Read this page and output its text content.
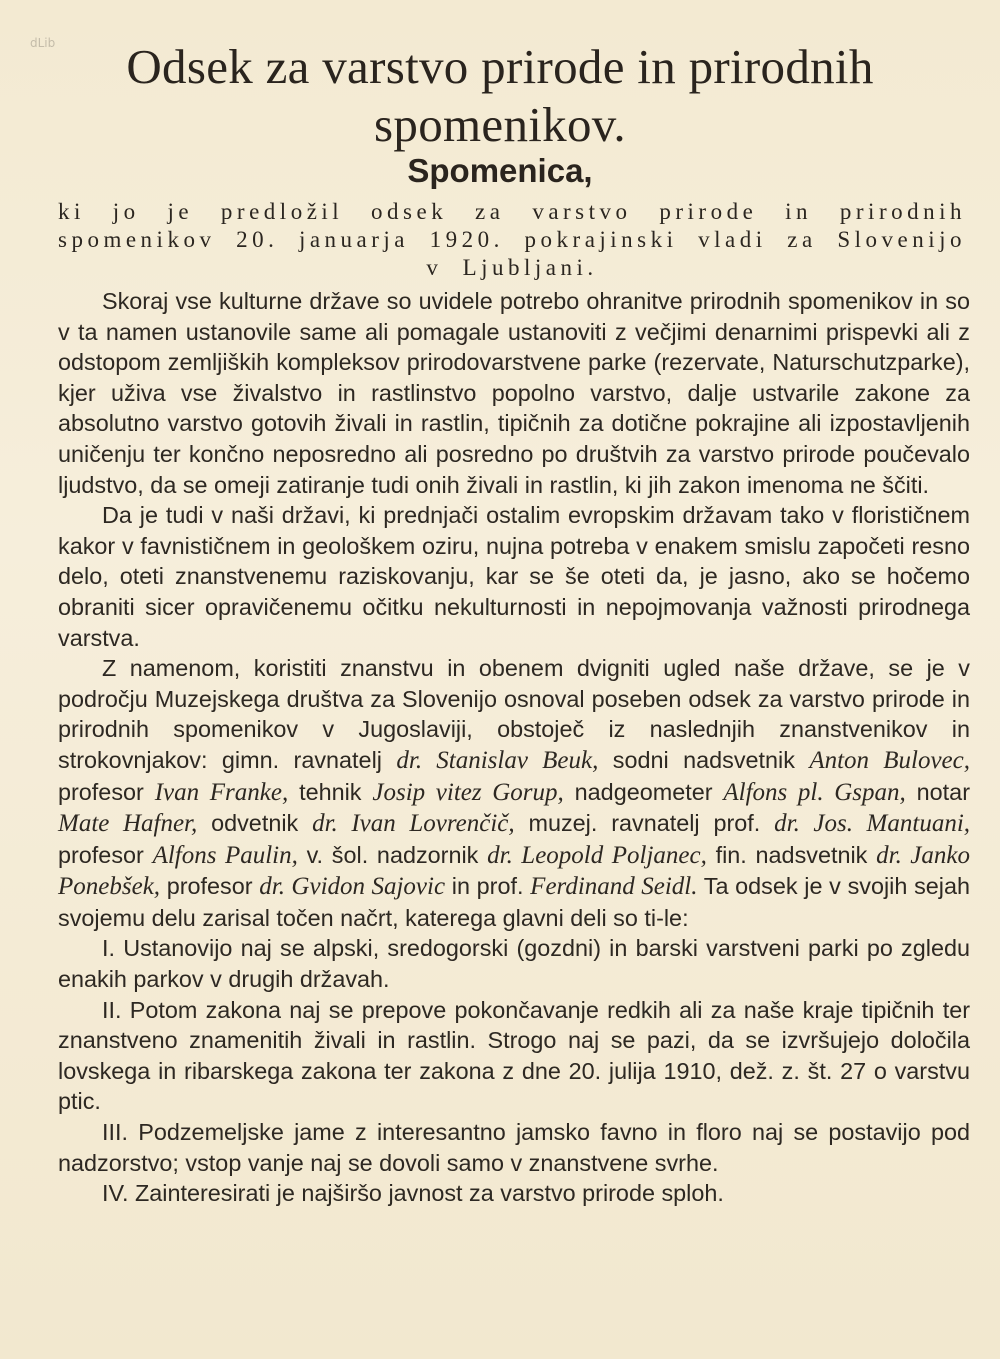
dLib	Odsek za varstvo prirode in prirodnih spomenikov.
Spomenica,
ki jo je predložil odsek za varstvo prirode in prirodnih spomenikov 20. januarja 1920. pokrajinski vladi za Slovenijo v Ljubljani.

Skoraj vse kulturne države so uvidele potrebo ohranitve prirodnih spomenikov in so v ta namen ustanovile same ali pomagale ustanoviti z večjimi denarnimi prispevki ali z odstopom zemljiških kompleksov prirodovarstvene parke (rezervate, Naturschutzparke), kjer uživa vse živalstvo in rastlinstvo popolno varstvo, dalje ustvarile zakone za absolutno varstvo gotovih živali in rastlin, tipičnih za dotične pokrajine ali izpostavljenih uničenju ter končno neposredno ali posredno po društvih za varstvo prirode poučevalo ljudstvo, da se omeji zatiranje tudi onih živali in rastlin, ki jih zakon imenoma ne ščiti.

Da je tudi v naši državi, ki prednjači ostalim evropskim državam tako v florističnem kakor v favnističnem in geološkem oziru, nujna potreba v enakem smislu započeti resno delo, oteti znanstvenemu raziskovanju, kar se še oteti da, je jasno, ako se hočemo obraniti sicer opravičenemu očitku nekulturnosti in nepojmovanja važnosti prirodnega varstva.

Z namenom, koristiti znanstvu in obenem dvigniti ugled naše države, se je v področju Muzejskega društva za Slovenijo osnoval poseben odsek za varstvo prirode in prirodnih spomenikov v Jugoslaviji, obstoječ iz naslednjih znanstvenikov in strokovnjakov: gimn. ravnatelj dr. Stanislav Beuk, sodni nadsvetnik Anton Bulovec, profesor Ivan Franke, tehnik Josip vitez Gorup, nadgeometer Alfons pl. Gspan, notar Mate Hafner, odvetnik dr. Ivan Lovrenčič, muzej. ravnatelj prof. dr. Jos. Mantuani, profesor Alfons Paulin, v. šol. nadzornik dr. Leopold Poljanec, fin. nadsvetnik dr. Janko Ponebšek, profesor dr. Gvidon Sajovic in prof. Ferdinand Seidl. Ta odsek je v svojih sejah svojemu delu zarisal točen načrt, katerega glavni deli so ti-le:

I. Ustanovijo naj se alpski, sredogorski (gozdni) in barski varstveni parki po zgledu enakih parkov v drugih državah.

II. Potom zakona naj se prepove pokončavanje redkih ali za naše kraje tipičnih ter znanstveno znamenitih živali in rastlin. Strogo naj se pazi, da se izvršujejo določila lovskega in ribarskega zakona ter zakona z dne 20. julija 1910, dež. z. št. 27 o varstvu ptic.

III. Podzemeljske jame z interesantno jamsko favno in floro naj se postavijo pod nadzorstvo; vstop vanje naj se dovoli samo v znanstvene svrhe.

IV. Zainteresirati je najširšo javnost za varstvo prirode sploh.
